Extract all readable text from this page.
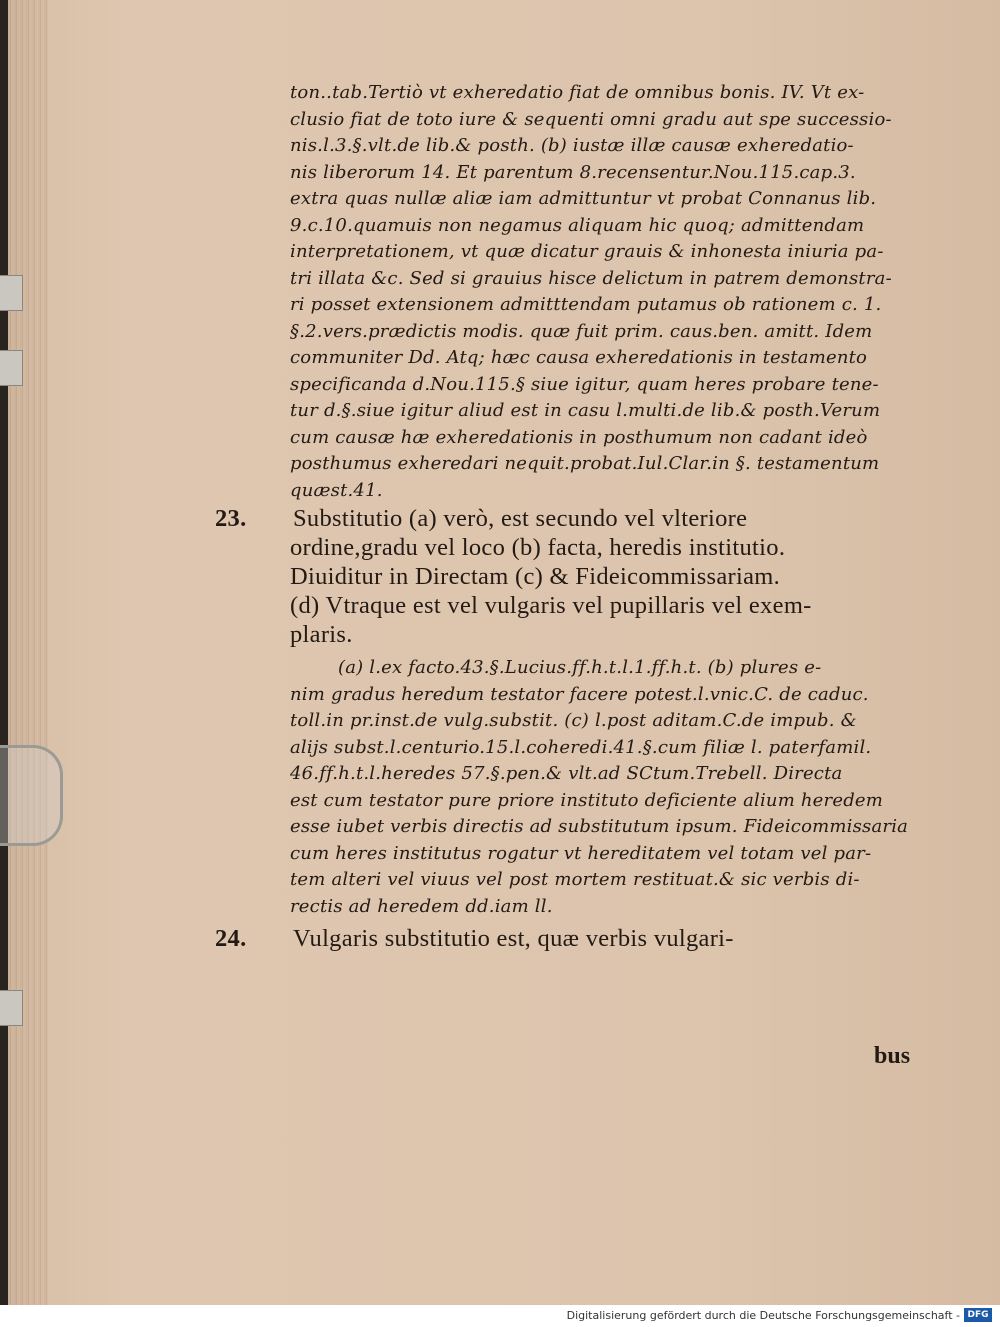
ton..tab.Tertiò vt exheredatio fiat de omnibus bonis. IV. Vt ex-
clusio fiat de toto iure & sequenti omni gradu aut spe successio-
nis.l.3.§.vlt.de lib.& posth. (b) iustæ illæ causæ exheredatio-
nis liberorum 14. Et parentum 8.recensentur.Nou.115.cap.3.
extra quas nullæ aliæ iam admittuntur vt probat Connanus lib.
9.c.10.quamuis non negamus aliquam hic quoq; admittendam
interpretationem, vt quæ dicatur grauis & inhonesta iniuria pa-
tri illata &c. Sed si grauius hisce delictum in patrem demonstra-
ri posset extensionem admitttendam putamus ob rationem c. 1.
§.2.vers.prædictis modis. quæ fuit prim. caus.ben. amitt. Idem
communiter Dd. Atq; hæc causa exheredationis in testamento
specificanda d.Nou.115.§ siue igitur, quam heres probare tene-
tur d.§.siue igitur aliud est in casu l.multi.de lib.& posth.Verum
cum causæ hæ exheredationis in posthumum non cadant ideò
posthumus exheredari nequit.probat.Iul.Clar.in §. testamentum
quæst.41.
23. Substitutio (a) verò, est secundo vel vlteriore
ordine,gradu vel loco (b) facta, heredis institutio.
Diuiditur in Directam (c) & Fideicommissariam.
(d) Vtraque est vel vulgaris vel pupillaris vel exem-
plaris.
(a) l.ex facto.43.§.Lucius.ff.h.t.l.1.ff.h.t. (b) plures e-
nim gradus heredum testator facere potest.l.vnic.C. de caduc.
toll.in pr.inst.de vulg.substit. (c) l.post aditam.C.de impub. &
alijs subst.l.centurio.15.l.coheredi.41.§.cum filiæ l. paterfamil.
46.ff.h.t.l.heredes 57.§.pen.& vlt.ad SCtum.Trebell. Directa
est cum testator pure priore instituto deficiente alium heredem
esse iubet verbis directis ad substitutum ipsum. Fideicommissaria
cum heres institutus rogatur vt hereditatem vel totam vel par-
tem alteri vel viuus vel post mortem restituat.& sic verbis di-
rectis ad heredem dd.iam ll.
24. Vulgaris substitutio est, quæ verbis vulgari-
bus
Digitalisierung gefördert durch die Deutsche Forschungsgemeinschaft - DFG
